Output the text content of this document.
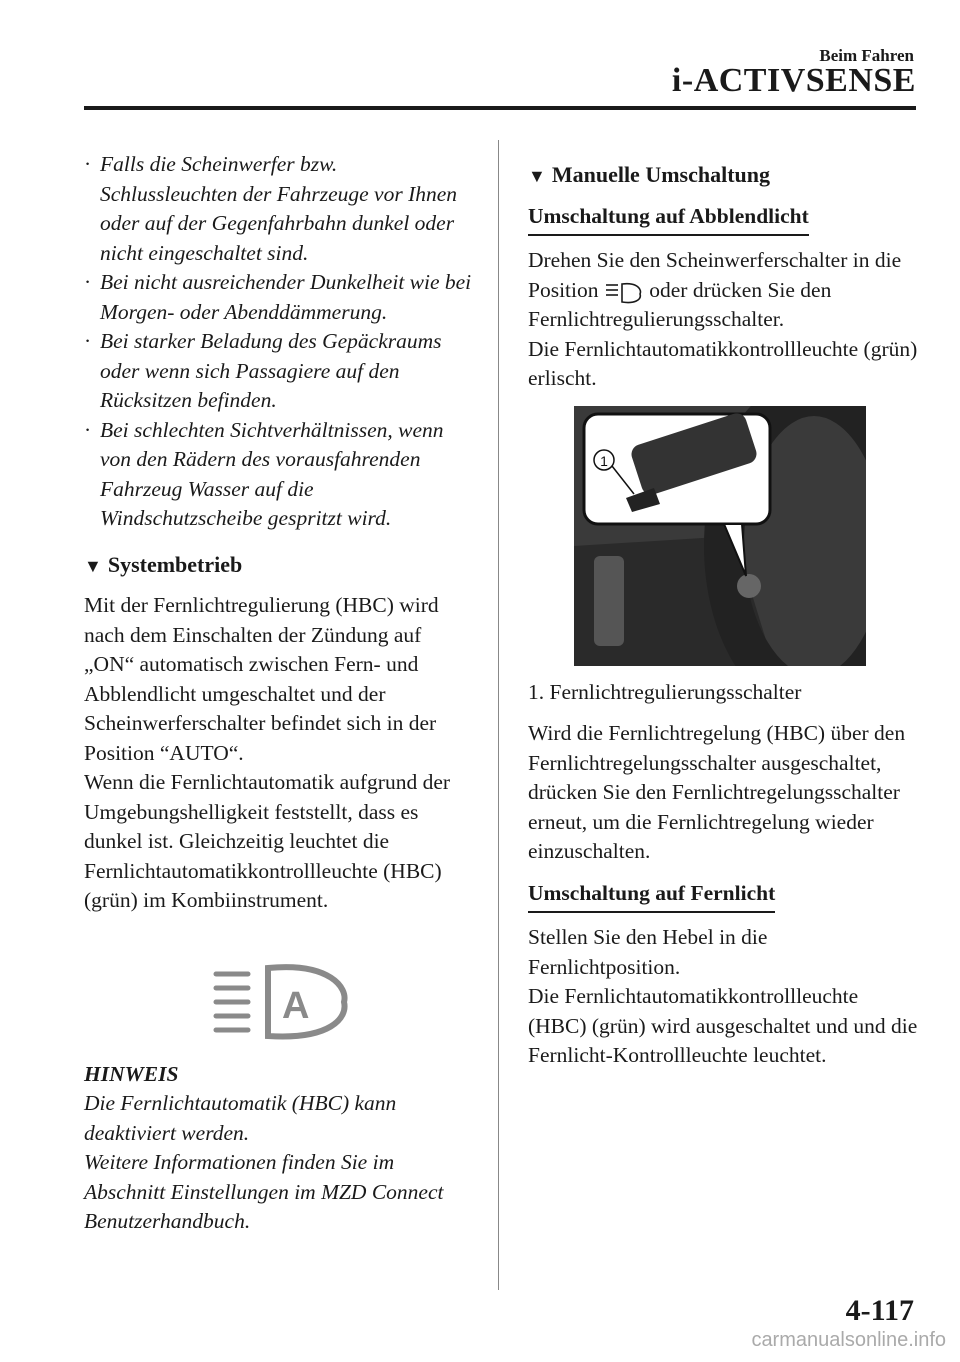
Beim Fahren
i-ACTIVSENSE
· Falls die Scheinwerfer bzw. Schlussleuchten der Fahrzeuge vor Ihnen oder auf der Gegenfahrbahn dunkel oder nicht eingeschaltet sind.
· Bei nicht ausreichender Dunkelheit wie bei Morgen- oder Abenddämmerung.
· Bei starker Beladung des Gepäckraums oder wenn sich Passagiere auf den Rücksitzen befinden.
· Bei schlechten Sichtverhältnissen, wenn von den Rädern des vorausfahrenden Fahrzeug Wasser auf die Windschutzscheibe gespritzt wird.
▼ Systembetrieb

Mit der Fernlichtregulierung (HBC) wird nach dem Einschalten der Zündung auf „ON“ automatisch zwischen Fern- und Abblendlicht umgeschaltet und der Scheinwerferschalter befindet sich in der Position “AUTO“.

Wenn die Fernlichtautomatik aufgrund der Umgebungshelligkeit feststellt, dass es dunkel ist. Gleichzeitig leuchtet die Fernlichtautomatikkontrollleuchte (HBC) (grün) im Kombiinstrument.

A
HINWEIS
Die Fernlichtautomatik (HBC) kann deaktiviert werden.
Weitere Informationen finden Sie im Abschnitt Einstellungen im MZD Connect Benutzerhandbuch.
▼ Manuelle Umschaltung
Umschaltung auf Abblendlicht

Drehen Sie den Scheinwerferschalter in die Position oder drücken Sie den Fernlichtregulierungsschalter.

Die Fernlichtautomatikkontrollleuchte (grün) erlischt.

1
1. Fernlichtregulierungsschalter

Wird die Fernlichtregelung (HBC) über den Fernlichtregelungsschalter ausgeschaltet, drücken Sie den Fernlichtregelungsschalter erneut, um die Fernlichtregelung wieder einzuschalten.

Umschaltung auf Fernlicht

Stellen Sie den Hebel in die Fernlichtposition.

Die Fernlichtautomatikkontrollleuchte (HBC) (grün) wird ausgeschaltet und und die Fernlicht-Kontrollleuchte leuchtet.

4-117
carmanualsonline.info
